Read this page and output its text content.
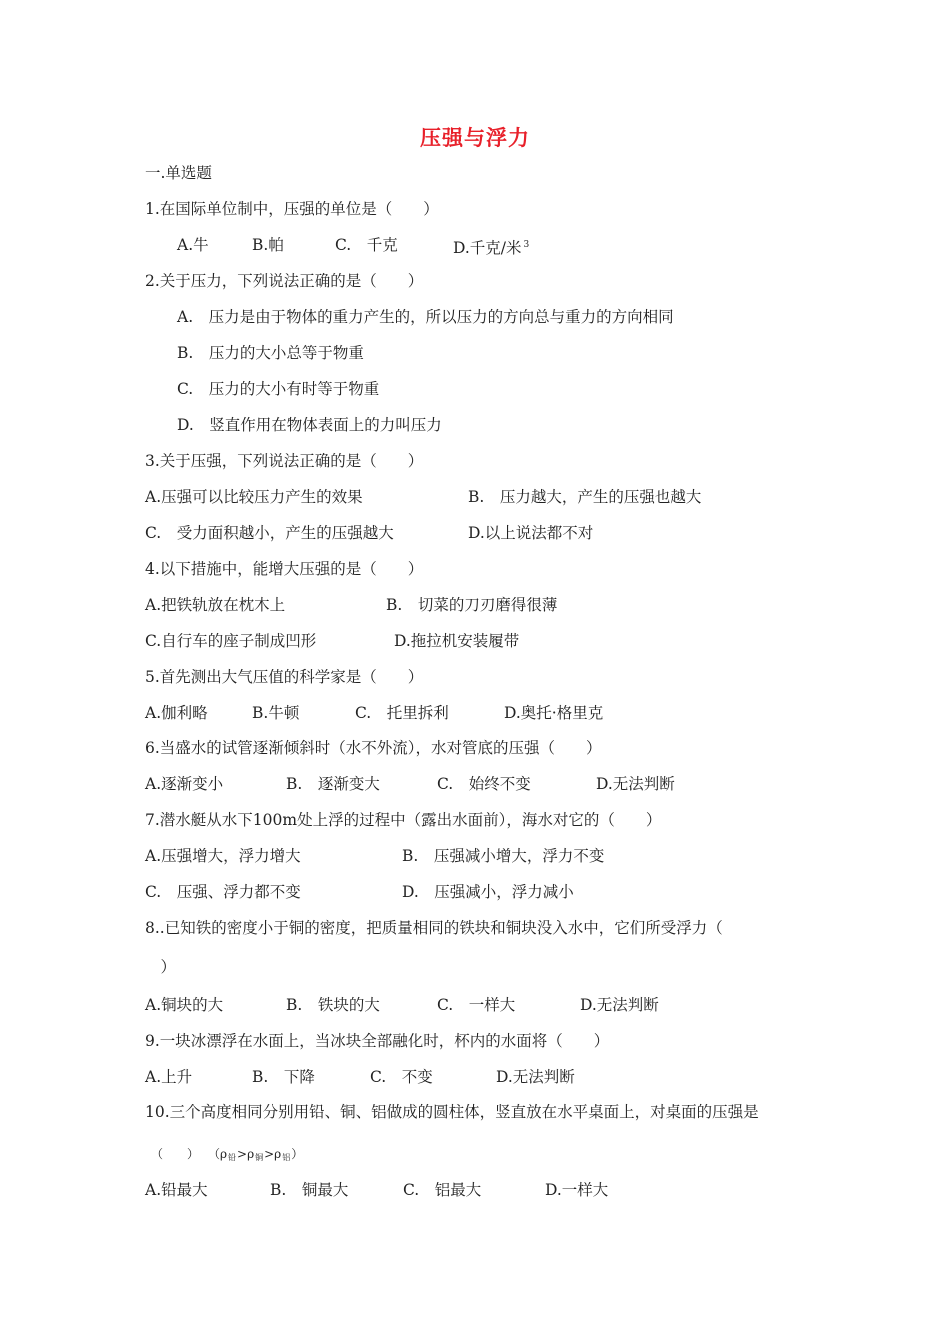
压强与浮力
一.单选题
1.在国际单位制中，压强的单位是（　　）
A.牛	B.帕	C.　千克	D.千克/米 $^3$
2.关于压力，下列说法正确的是（　　）
A.　压力是由于物体的重力产生的，所以压力的方向总与重力的方向相同
B.　压力的大小总等于物重
C.　压力的大小有时等于物重
D.　竖直作用在物体表面上的力叫压力
3.关于压强，下列说法正确的是（　　）
A.压强可以比较压力产生的效果	B.　压力越大，产生的压强也越大
C.　受力面积越小，产生的压强越大	D.以上说法都不对
4.以下措施中，能增大压强的是（　　）
A.把铁轨放在枕木上	B.　切菜的刀刃磨得很薄
C.自行车的座子制成凹形	D.拖拉机安装履带
5.首先测出大气压值的科学家是（　　）
A.伽利略	B.牛顿	C.　托里拆利	D.奥托·格里克
6.当盛水的试管逐渐倾斜时（水不外流），水对管底的压强（　　）
A.逐渐变小	B.　逐渐变大	C.　始终不变	D.无法判断
7.潜水艇从水下100m处上浮的过程中（露出水面前），海水对它的（　　）
A.压强增大，浮力增大	B.　压强减小增大，浮力不变
C.　压强、浮力都不变	D.　压强减小，浮力减小
8..已知铁的密度小于铜的密度，把质量相同的铁块和铜块没入水中，它们所受浮力（
　）
A.铜块的大	B.　铁块的大	C.　一样大	D.无法判断
9.一块冰漂浮在水面上，当冰块全部融化时，杯内的水面将（　　）
A.上升	B.　下降	C.　不变	D.无法判断
10.三个高度相同分别用铅、铜、铝做成的圆柱体，竖直放在水平桌面上，对桌面的压强是
（　　） $(\rho_铅>\rho_铜>\rho_铝)$
A.铅最大	B.　铜最大	C.　铝最大	D.一样大
